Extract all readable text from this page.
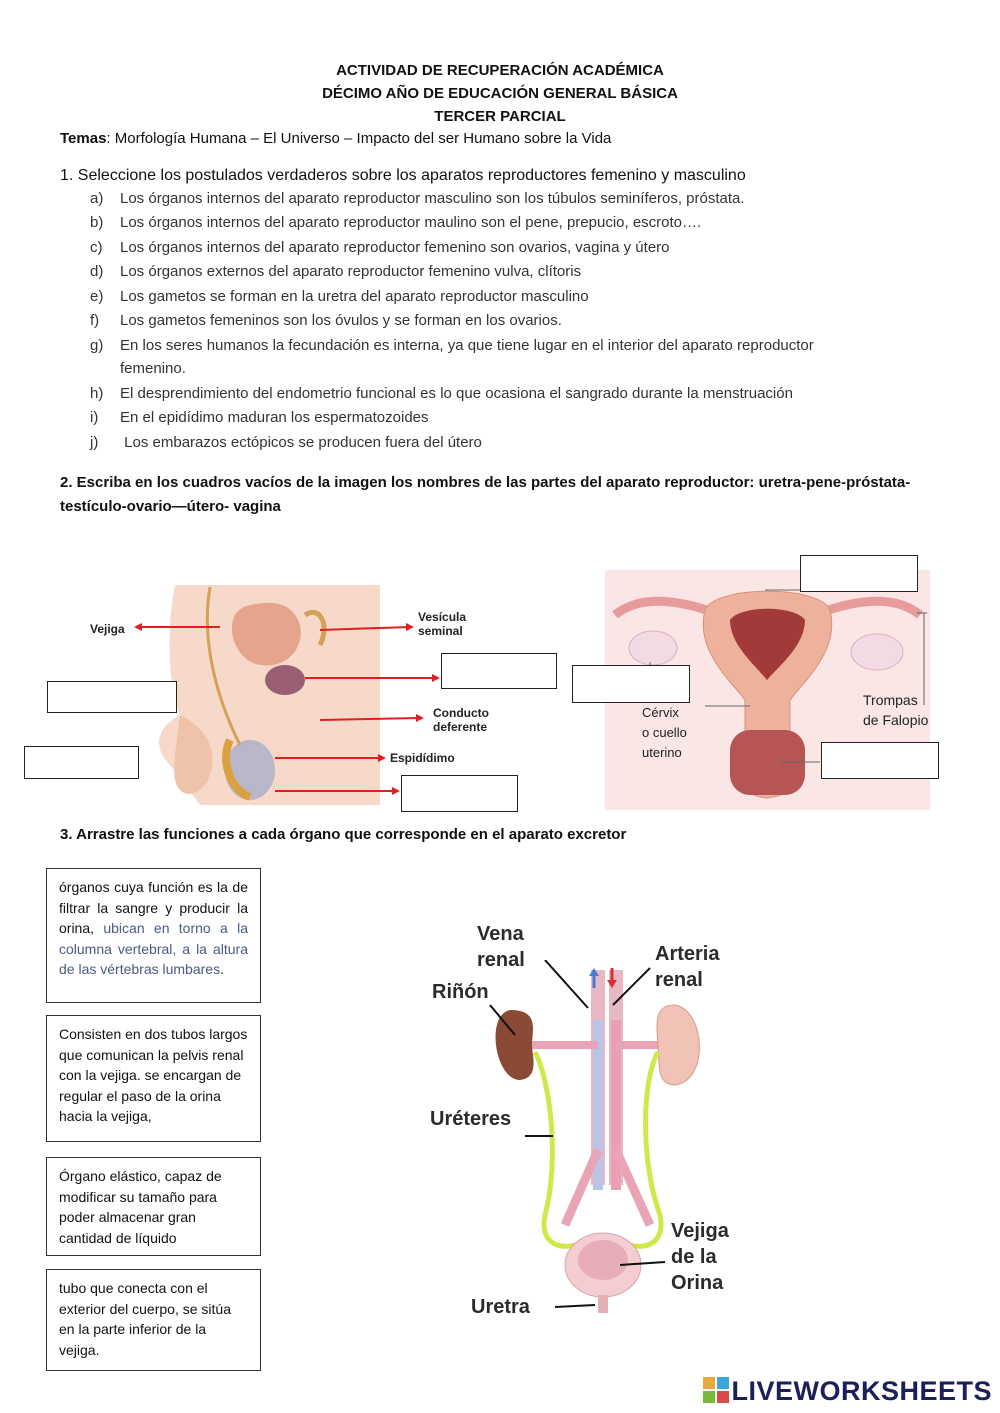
ACTIVIDAD DE RECUPERACIÓN ACADÉMICA
DÉCIMO AÑO DE EDUCACIÓN GENERAL BÁSICA
TERCER PARCIAL
Temas: Morfología Humana – El Universo – Impacto del ser Humano sobre la Vida
1. Seleccione los postulados verdaderos sobre los aparatos reproductores femenino y masculino
a) Los órganos internos del aparato reproductor masculino son los túbulos seminíferos, próstata.
b) Los órganos internos del aparato reproductor maulino son el pene, prepucio, escroto….
c) Los órganos internos del aparato reproductor femenino son ovarios, vagina y útero
d) Los órganos externos del aparato reproductor femenino vulva, clítoris
e) Los gametos se forman en la uretra del aparato reproductor masculino
f) Los gametos femeninos son los óvulos y se forman en los ovarios.
g) En los seres humanos la fecundación es interna, ya que tiene lugar en el interior del aparato reproductor
femenino.
h) El desprendimiento del endometrio funcional es lo que ocasiona el sangrado durante la menstruación
i) En el epidídimo maduran los espermatozoides
j) Los embarazos ectópicos se producen fuera del útero
2. Escriba en los cuadros vacíos de la imagen los nombres de las partes del aparato reproductor: uretra-pene-próstata-testículo-ovario—útero- vagina
Vejiga
Vesícula
seminal
Conducto
deferente
Espidídimo
Cérvix
o cuello
uterino
Trompas
de Falopio
3. Arrastre las funciones a cada órgano que corresponde en el aparato excretor
órganos cuya función es la de filtrar la sangre y producir la orina, ubican en torno a la columna vertebral, a la altura de las vértebras lumbares.
Consisten en dos tubos largos que comunican la pelvis renal con la vejiga. se encargan de regular el paso de la orina hacia la vejiga,
Órgano elástico, capaz de modificar su tamaño para poder almacenar gran cantidad de líquido
tubo que conecta con el exterior del cuerpo, se sitúa en la parte inferior de la vejiga.
Vena
renal	Arteria
renal
Riñón
Uréteres
Vejiga
de la
Orina
Uretra
LIVEWORKSHEETS
